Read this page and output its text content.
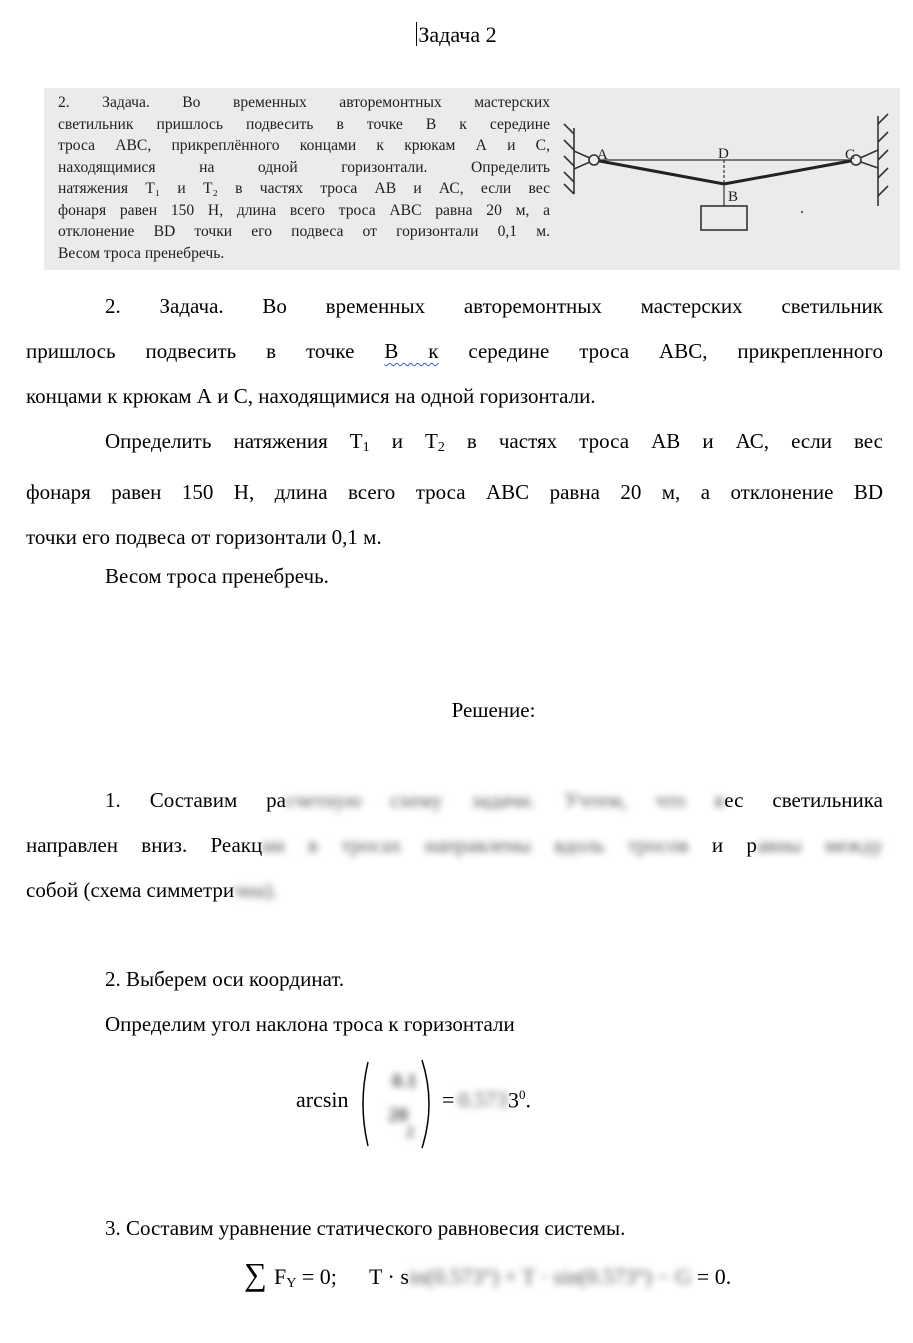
Задача 2
2. Задача. Во временных авторемонтных мастерских
светильник пришлось подвесить в точке В к середине
троса ABC, прикреплённого концами к крюкам А и С,
находящимися на одной горизонтали. Определить
натяжения T₁ и T₂ в частях троса АВ и АС, если вес
фонаря равен 150 Н, длина всего троса ABC равна 20 м, а
отклонение BD точки его подвеса от горизонтали 0,1 м.
Весом троса пренебречь.
A	D	C
B
2. Задача. Во временных авторемонтных мастерских светильник
пришлось подвесить в точке В к середине троса ABC, прикрепленного
концами к крюкам А и С, находящимися на одной горизонтали.
Определить натяжения $T_1$ и $T_2$ в частях троса АВ и АС, если вес
фонаря равен 150 Н, длина всего троса ABC равна 20 м, а отклонение BD
точки его подвеса от горизонтали 0,1 м.
Весом троса пренебречь.
Решение:
1. Составим расчетную схему задачи. Учтем, что вес светильника
направлен вниз. Реакции в тросах направлены вдоль тросов и равны между
собой (схема симметрична).
2. Выберем оси координат.
Определим угол наклона троса к горизонтали
arcsin
0.1
20
2
= 0.573 $3^0$.
3. Составим уравнение статического равновесия системы.
∑ $F_Y = 0$; T · sin(0.573°) + T · sin(0.573°) − G = 0.
